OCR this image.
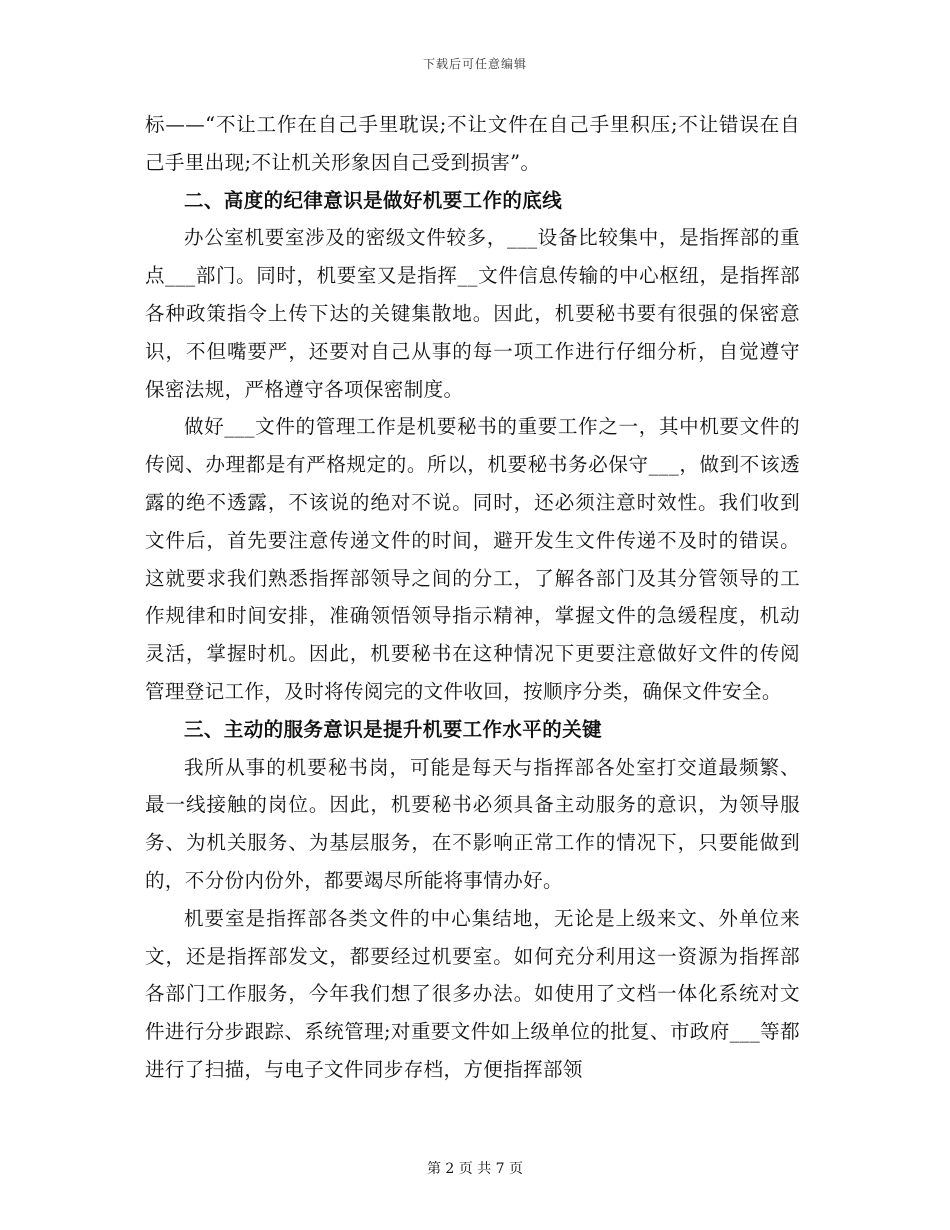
下载后可任意编辑

标——“不让工作在自己手里耽误;不让文件在自己手里积压;不让错误在自己手里出现;不让机关形象因自己受到损害”。

二、高度的纪律意识是做好机要工作的底线

办公室机要室涉及的密级文件较多，___设备比较集中，是指挥部的重点___部门。同时，机要室又是指挥__文件信息传输的中心枢纽，是指挥部各种政策指令上传下达的关键集散地。因此，机要秘书要有很强的保密意识，不但嘴要严，还要对自己从事的每一项工作进行仔细分析，自觉遵守保密法规，严格遵守各项保密制度。

做好___文件的管理工作是机要秘书的重要工作之一，其中机要文件的传阅、办理都是有严格规定的。所以，机要秘书务必保守___，做到不该透露的绝不透露，不该说的绝对不说。同时，还必须注意时效性。我们收到文件后，首先要注意传递文件的时间，避开发生文件传递不及时的错误。这就要求我们熟悉指挥部领导之间的分工，了解各部门及其分管领导的工作规律和时间安排，准确领悟领导指示精神，掌握文件的急缓程度，机动灵活，掌握时机。因此，机要秘书在这种情况下更要注意做好文件的传阅管理登记工作，及时将传阅完的文件收回，按顺序分类，确保文件安全。

三、主动的服务意识是提升机要工作水平的关键

我所从事的机要秘书岗，可能是每天与指挥部各处室打交道最频繁、最一线接触的岗位。因此，机要秘书必须具备主动服务的意识，为领导服务、为机关服务、为基层服务，在不影响正常工作的情况下，只要能做到的，不分份内份外，都要竭尽所能将事情办好。

机要室是指挥部各类文件的中心集结地，无论是上级来文、外单位来文，还是指挥部发文，都要经过机要室。如何充分利用这一资源为指挥部各部门工作服务，今年我们想了很多办法。如使用了文档一体化系统对文件进行分步跟踪、系统管理;对重要文件如上级单位的批复、市政府___等都进行了扫描，与电子文件同步存档，方便指挥部领

第 2 页 共 7 页
